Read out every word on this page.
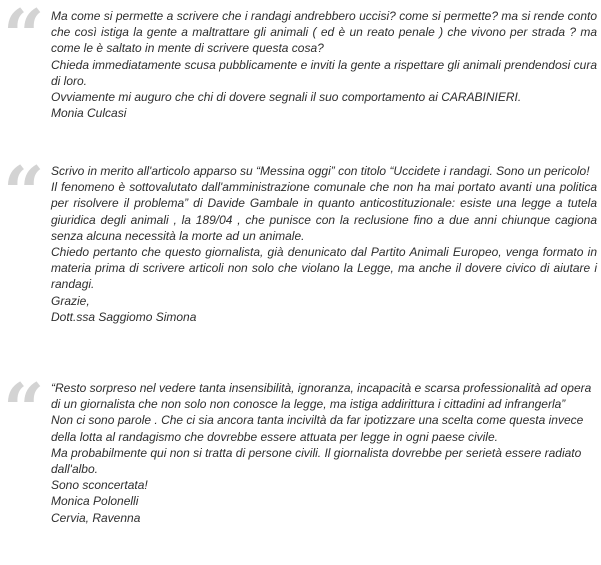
“ Ma come si permette a scrivere che i randagi andrebbero uccisi? come si permette? ma si rende conto che così istiga la gente a maltrattare gli animali ( ed è un reato penale ) che vivono per strada ? ma come le è saltato in mente di scrivere questa cosa?

Chieda immediatamente scusa pubblicamente e inviti la gente a rispettare gli animali prendendosi cura di loro.

Ovviamente mi auguro che chi di dovere segnali il suo comportamento ai CARABINIERI.

Monia Culcasi

“ Scrivo in merito all'articolo apparso su “Messina oggi” con titolo “Uccidete i randagi. Sono un pericolo!

Il fenomeno è sottovalutato dall'amministrazione comunale che non ha mai portato avanti una politica per risolvere il problema” di Davide Gambale in quanto anticostituzionale: esiste una legge a tutela giuridica degli animali , la 189/04 , che punisce con la reclusione fino a due anni chiunque cagiona senza alcuna necessità la morte ad un animale.

Chiedo pertanto che questo giornalista, già denunicato dal Partito Animali Europeo, venga formato in materia prima di scrivere articoli non solo che violano la Legge, ma anche il dovere civico di aiutare i randagi.

Grazie,

Dott.ssa Saggiomo Simona

“ “Resto sorpreso nel vedere tanta insensibilità, ignoranza, incapacità e scarsa professionalità ad opera di un giornalista che non solo non conosce la legge, ma istiga addirittura i cittadini ad infrangerla”

Non ci sono parole . Che ci sia ancora tanta inciviltà da far ipotizzare una scelta come questa invece della lotta al randagismo che dovrebbe essere attuata per legge in ogni paese civile.

Ma probabilmente qui non si tratta di persone civili. Il giornalista dovrebbe per serietà essere radiato dall'albo.

Sono sconcertata!

Monica Polonelli

Cervia, Ravenna
